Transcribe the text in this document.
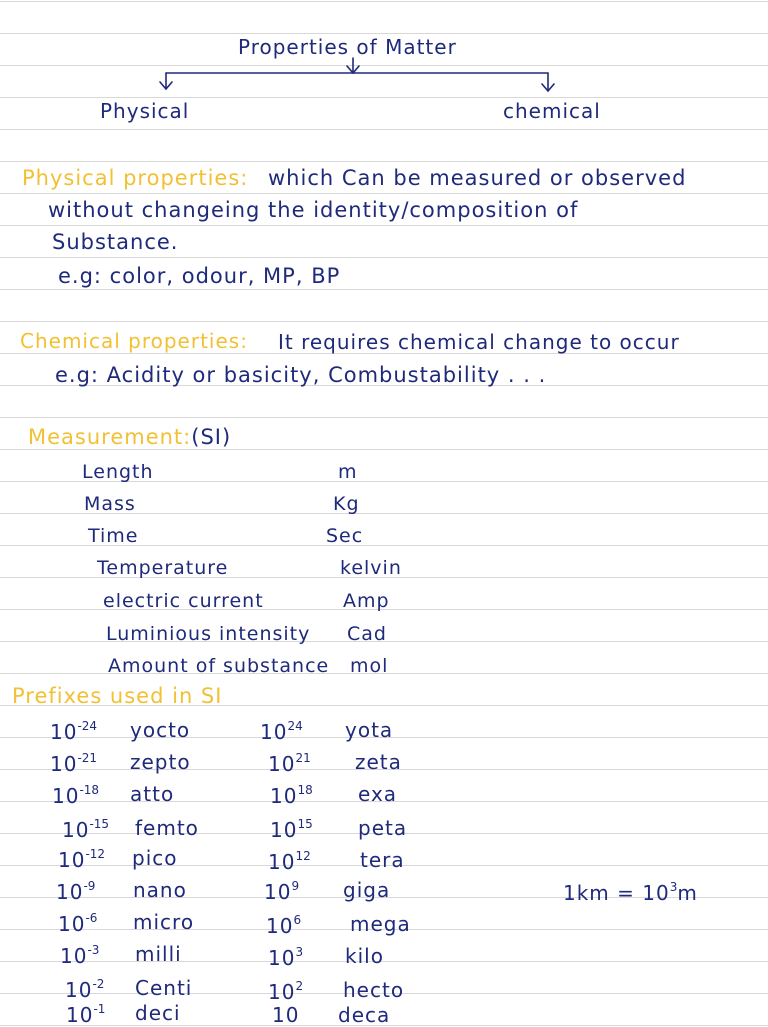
Properties of Matter
Physical	chemical
Physical properties: which Can be measured or observed
without changeing the identity/composition of
Substance.
e.g: color, odour, MP, BP
Chemical properties: It requires chemical change to occur
e.g: Acidity or basicity, Combustability . . .
Measurement:(SI)
Length	m
Mass	Kg
Time	Sec
Temperature	kelvin
electric current	Amp
Luminious intensity Cad
Amount of substance mol
Prefixes used in SI
$10^{-24}$ yocto	$10^{24}$ yota
$10^{-21}$ zepto	$10^{21}$ zeta
$10^{-18}$ atto	$10^{18}$ exa
$10^{-15}$ femto	$10^{15}$ peta
$10^{-12}$ pico	$10^{12}$ tera
$10^{-9}$ nano	$10^9$ giga
$10^{-6}$ micro	$10^6$ mega
$10^{-3}$ milli	$10^3$ kilo
$10^{-2}$ Centi	$10^2$ hecto
$10^{-1}$ deci	10 deca
$1km = 10^3m$
